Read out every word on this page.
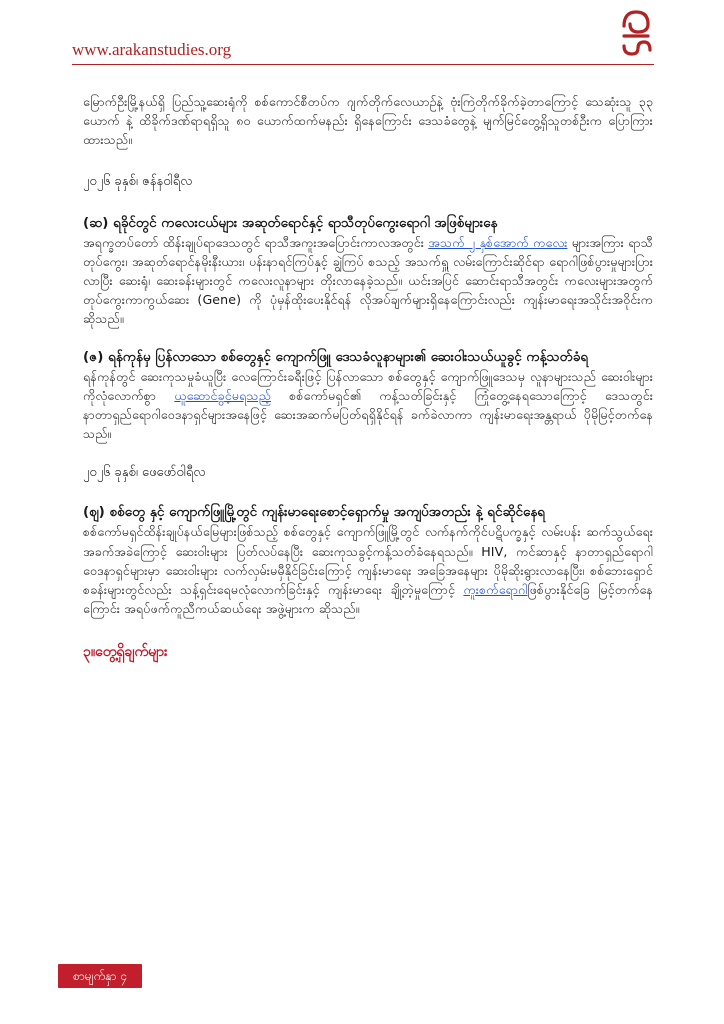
www.arakanstudies.org

မြောက်ဦးမြို့နယ်ရှိ ပြည်သူ့ဆေးရုံကို စစ်ကောင်စီတပ်က ဂျက်တိုက်လေယာဉ်နဲ့ ဗုံးကြဲတိုက်ခိုက်ခဲ့တာကြောင့် သေဆုံးသူ ၃၃ ယောက် နဲ့ ထိခိုက်ဒဏ်ရာရရှိသူ ၈၀ ယောက်ထက်မနည်း ရှိနေကြောင်း ဒေသခံတွေနဲ့ မျက်မြင်တွေ့ရှိသူတစ်ဦးက ပြောကြားထားသည်။

၂၀၂၆ ခုနှစ်၊ ဇန်နဝါရီလ

(ဆ) ရခိုင်တွင် ကလေးငယ်များ အဆုတ်ရောင်နှင့် ရာသီတုပ်ကွေးရောဂါ အဖြစ်များနေ

အရက္ခတပ်တော် ထိန်းချုပ်ရာဒေသတွင် ရာသီအကူးအပြောင်းကာလအတွင်း အသက် ၂ နှစ်အောက် ကလေး များအကြား ရာသီတုပ်ကွေး၊ အဆုတ်ရောင်နမိုးနီးယား၊ ပန်းနာရင်ကြပ်နှင့် ချွဲကြပ် စသည့် အသက်ရှူ လမ်းကြောင်းဆိုင်ရာ ရောဂါဖြစ်ပွားမှုများပြားလာပြီး ဆေးရုံ၊ ဆေးခန်းများတွင် ကလေးလူနာများ တိုးလာနေခဲ့သည်။ ယင်းအပြင် ဆောင်းရာသီအတွင်း ကလေးများအတွက် တုပ်ကွေးကာကွယ်ဆေး (Gene) ကို ပုံမှန်ထိုးပေးနိုင်ရန် လိုအပ်ချက်များရှိနေကြောင်းလည်း ကျန်းမာရေးအသိုင်းအဝိုင်းက ဆိုသည်။

(ဇ) ရန်ကုန်မှ ပြန်လာသော စစ်တွေနှင့် ကျောက်ဖြူ ဒေသခံလူနာများ၏ ဆေးဝါးသယ်ယူခွင့် ကန့်သတ်ခံရ

ရန်ကုန်တွင် ဆေးကုသမှုခံယူပြီး လေကြောင်းခရီးဖြင့် ပြန်လာသော စစ်တွေနှင့် ကျောက်ဖြူဒေသမှ လူနာများသည် ဆေးဝါးများကိုလုံလောက်စွာ ယူဆောင်ခွင့်မရသည့် စစ်ကော်မရှင်၏ ကန့်သတ်ခြင်းနှင့် ကြုံတွေ့နေရသောကြောင့် ဒေသတွင်း နာတာရှည်ရောဂါဝေဒနာရှင်များအနေဖြင့် ဆေးအဆက်မပြတ်ရရှိနိုင်ရန် ခက်ခဲလာကာ ကျန်းမာရေးအန္တရာယ် ပိုမိုမြင့်တက်နေသည်။

၂၀၂၆ ခုနှစ်၊ ဖေဖော်ဝါရီလ

(ဈ) စစ်တွေ နှင့် ကျောက်ဖြူမြို့တွင် ကျန်းမာရေးစောင့်ရှောက်မှု အကျပ်အတည်း နဲ့ ရင်ဆိုင်နေရ

စစ်ကော်မရှင်ထိန်းချုပ်နယ်မြေများဖြစ်သည့် စစ်တွေနှင့် ကျောက်ဖြူမြို့တွင် လက်နက်ကိုင်ပဋိပက္ခနှင့် လမ်းပန်း ဆက်သွယ်ရေးအခက်အခဲကြောင့် ဆေးဝါးများ ပြတ်လပ်နေပြီး ဆေးကုသခွင့်ကန့်သတ်ခံနေရသည်။ HIV, ကင်ဆာနှင့် နာတာရှည်ရောဂါဝေဒနာရှင်များမှာ ဆေးဝါးများ လက်လှမ်းမမှီနိုင်ခြင်းကြောင့် ကျန်းမာရေး အခြေအနေများ ပိုမိုဆိုးရွားလာနေပြီး၊ စစ်ဘေးရှောင်စခန်းများတွင်လည်း သန့်ရှင်းရေမလုံလောက်ခြင်းနှင့် ကျန်းမာရေး ချို့တဲ့မှုကြောင့် ကူးစက်ရောဂါဖြစ်ပွားနိုင်ခြေ မြင့်တက်နေကြောင်း အရပ်ဖက်ကူညီကယ်ဆယ်ရေး အဖွဲ့များက ဆိုသည်။

၃။တွေ့ရှိချက်များ

စာမျက်နှာ ၄
